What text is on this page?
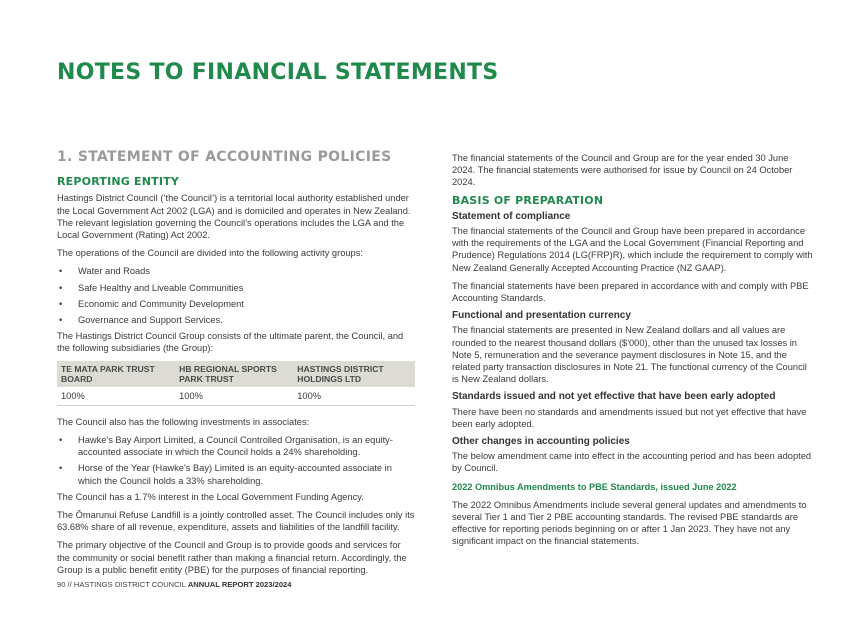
NOTES TO FINANCIAL STATEMENTS
1. STATEMENT OF ACCOUNTING POLICIES
REPORTING ENTITY

Hastings District Council (‘the Council’) is a territorial local authority established under the Local Government Act 2002 (LGA) and is domiciled and operates in New Zealand. The relevant legislation governing the Council’s operations includes the LGA and the Local Government (Rating) Act 2002.

The operations of the Council are divided into the following activity groups:

• Water and Roads
• Safe Healthy and Liveable Communities
• Economic and Community Development
• Governance and Support Services.

The Hastings District Council Group consists of the ultimate parent, the Council, and the following subsidiaries (the Group):

TE MATA PARK TRUST BOARD	HB REGIONAL SPORTS PARK TRUST	HASTINGS DISTRICT HOLDINGS LTD
100%	100%	100%

The Council also has the following investments in associates:

• Hawke's Bay Airport Limited, a Council Controlled Organisation, is an equity-accounted associate in which the Council holds a 24% shareholding.
• Horse of the Year (Hawke's Bay) Limited is an equity-accounted associate in which the Council holds a 33% shareholding.

The Council has a 1.7% interest in the Local Government Funding Agency.

The Ōmarunui Refuse Landfill is a jointly controlled asset. The Council includes only its 63.68% share of all revenue, expenditure, assets and liabilities of the landfill facility.

The primary objective of the Council and Group is to provide goods and services for the community or social benefit rather than making a financial return. Accordingly, the Group is a public benefit entity (PBE) for the purposes of financial reporting.

The financial statements of the Council and Group are for the year ended 30 June 2024. The financial statements were authorised for issue by Council on 24 October 2024.

BASIS OF PREPARATION
Statement of compliance

The financial statements of the Council and Group have been prepared in accordance with the requirements of the LGA and the Local Government (Financial Reporting and Prudence) Regulations 2014 (LG(FRP)R), which include the requirement to comply with New Zealand Generally Accepted Accounting Practice (NZ GAAP).

The financial statements have been prepared in accordance with and comply with PBE Accounting Standards.

Functional and presentation currency

The financial statements are presented in New Zealand dollars and all values are rounded to the nearest thousand dollars ($'000), other than the unused tax losses in Note 5, remuneration and the severance payment disclosures in Note 15, and the related party transaction disclosures in Note 21. The functional currency of the Council is New Zealand dollars.

Standards issued and not yet effective that have been early adopted

There have been no standards and amendments issued but not yet effective that have been early adopted.

Other changes in accounting policies

The below amendment came into effect in the accounting period and has been adopted by Council.

2022 Omnibus Amendments to PBE Standards, issued June 2022

The 2022 Omnibus Amendments include several general updates and amendments to several Tier 1 and Tier 2 PBE accounting standards. The revised PBE standards are effective for reporting periods beginning on or after 1 Jan 2023. They have not any significant impact on the financial statements.

90 // HASTINGS DISTRICT COUNCIL ANNUAL REPORT 2023/2024
